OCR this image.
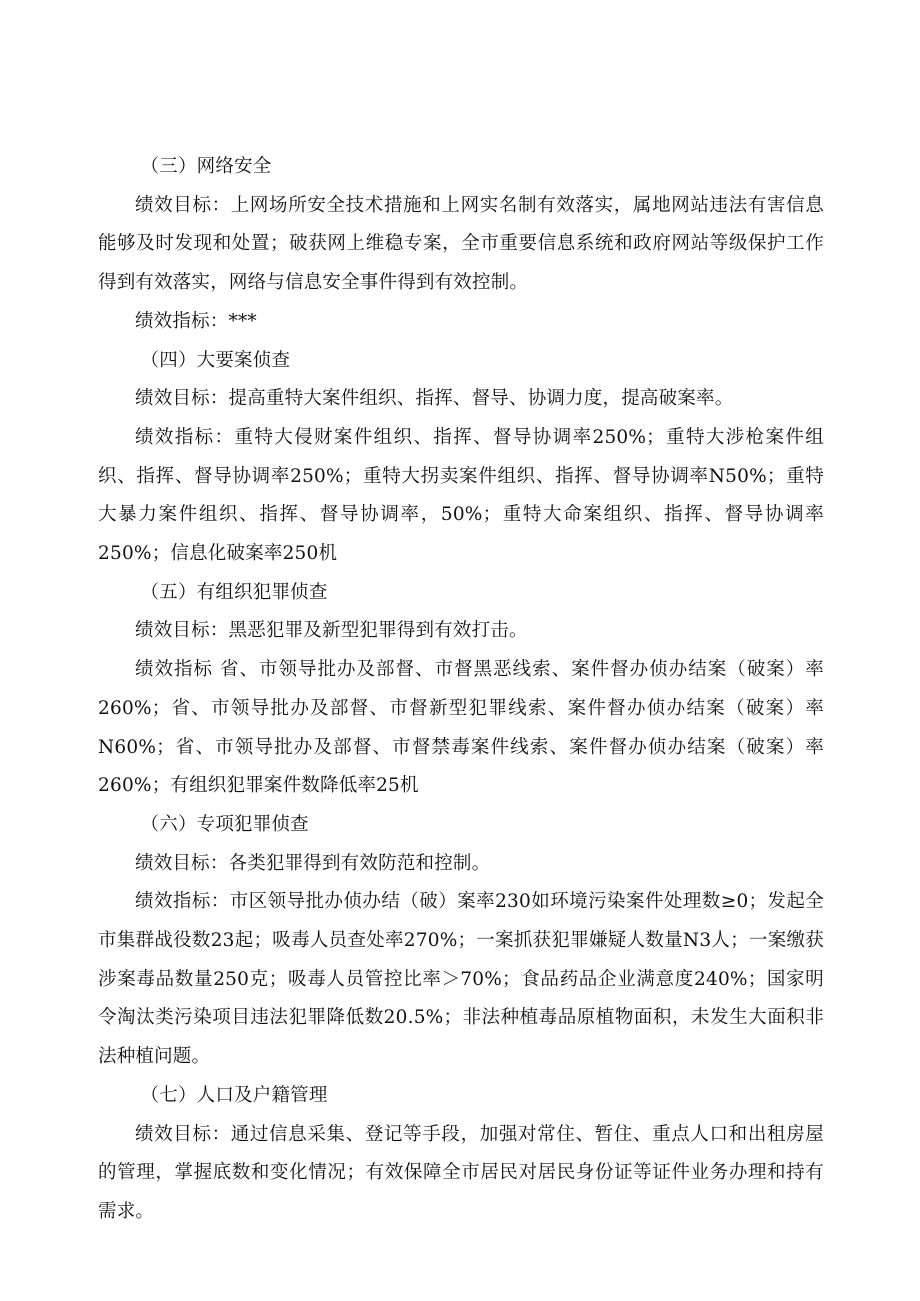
（三）网络安全

绩效目标：上网场所安全技术措施和上网实名制有效落实，属地网站违法有害信息能够及时发现和处置；破获网上维稳专案，全市重要信息系统和政府网站等级保护工作得到有效落实，网络与信息安全事件得到有效控制。

绩效指标：***

（四）大要案侦查

绩效目标：提高重特大案件组织、指挥、督导、协调力度，提高破案率。

绩效指标：重特大侵财案件组织、指挥、督导协调率250%；重特大涉枪案件组织、指挥、督导协调率250%；重特大拐卖案件组织、指挥、督导协调率N50%；重特大暴力案件组织、指挥、督导协调率，50%；重特大命案组织、指挥、督导协调率250%；信息化破案率250机

（五）有组织犯罪侦查

绩效目标：黑恶犯罪及新型犯罪得到有效打击。

绩效指标 省、市领导批办及部督、市督黑恶线索、案件督办侦办结案（破案）率260%；省、市领导批办及部督、市督新型犯罪线索、案件督办侦办结案（破案）率N60%；省、市领导批办及部督、市督禁毒案件线索、案件督办侦办结案（破案）率260%；有组织犯罪案件数降低率25机

（六）专项犯罪侦查

绩效目标：各类犯罪得到有效防范和控制。

绩效指标：市区领导批办侦办结（破）案率230如环境污染案件处理数≥0；发起全市集群战役数23起；吸毒人员查处率270%；一案抓获犯罪嫌疑人数量N3人；一案缴获涉案毒品数量250克；吸毒人员管控比率＞70%；食品药品企业满意度240%；国家明令淘汰类污染项目违法犯罪降低数20.5%；非法种植毒品原植物面积，未发生大面积非法种植问题。

（七）人口及户籍管理

绩效目标：通过信息采集、登记等手段，加强对常住、暂住、重点人口和出租房屋的管理，掌握底数和变化情况；有效保障全市居民对居民身份证等证件业务办理和持有需求。
